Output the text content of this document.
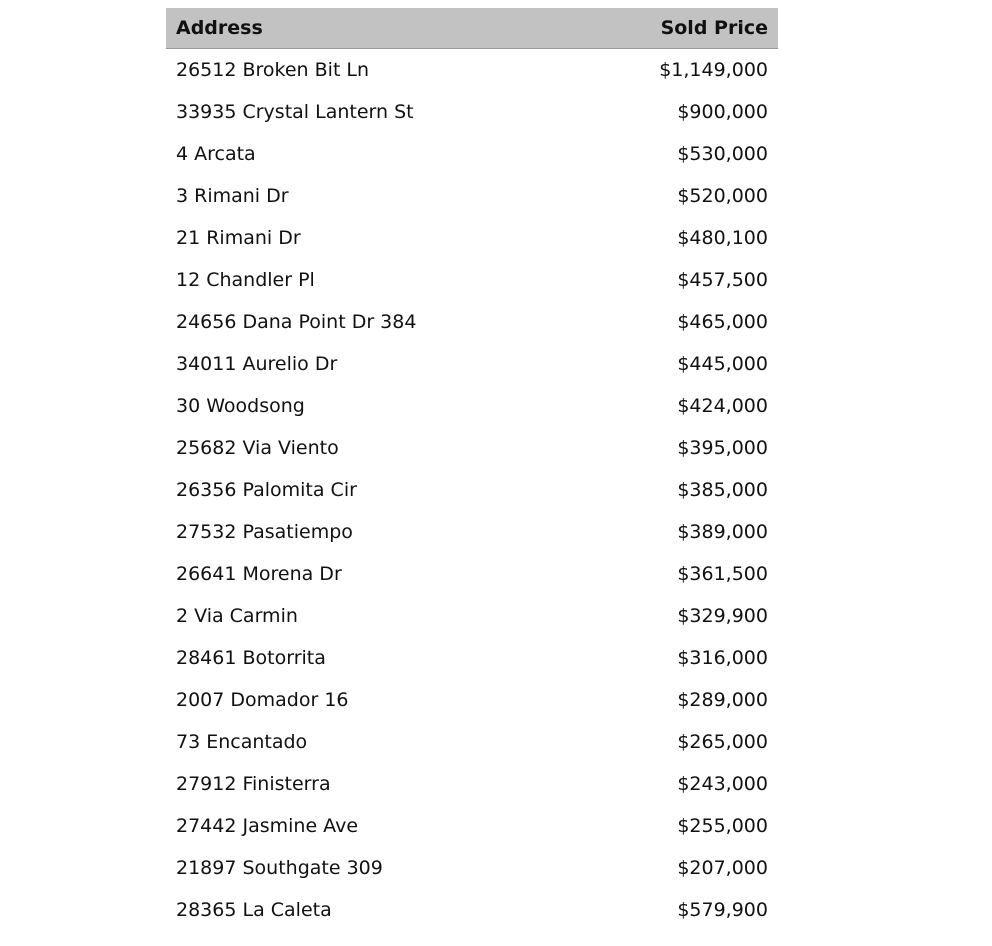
Address	Sold Price
26512 Broken Bit Ln	$1,149,000
33935 Crystal Lantern St	$900,000
4 Arcata	$530,000
3 Rimani Dr	$520,000
21 Rimani Dr	$480,100
12 Chandler Pl	$457,500
24656 Dana Point Dr 384	$465,000
34011 Aurelio Dr	$445,000
30 Woodsong	$424,000
25682 Via Viento	$395,000
26356 Palomita Cir	$385,000
27532 Pasatiempo	$389,000
26641 Morena Dr	$361,500
2 Via Carmin	$329,900
28461 Botorrita	$316,000
2007 Domador 16	$289,000
73 Encantado	$265,000
27912 Finisterra	$243,000
27442 Jasmine Ave	$255,000
21897 Southgate 309	$207,000
28365 La Caleta	$579,900
